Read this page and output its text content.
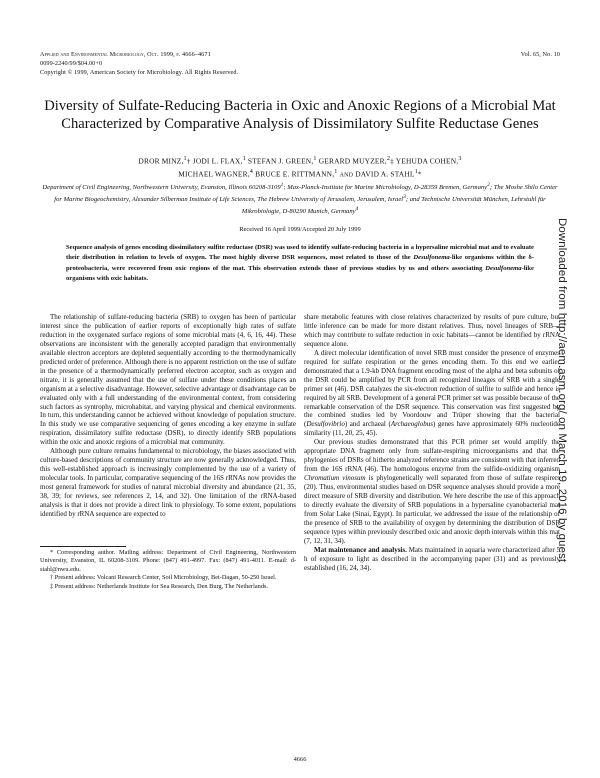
Applied and Environmental Microbiology, Oct. 1999, p. 4666–4671
0099-2240/99/$04.00+0
Copyright © 1999, American Society for Microbiology. All Rights Reserved.
Vol. 65, No. 10
Diversity of Sulfate-Reducing Bacteria in Oxic and Anoxic Regions of a Microbial Mat Characterized by Comparative Analysis of Dissimilatory Sulfite Reductase Genes
DROR MINZ,$^1$† JODI L. FLAX,$^1$ STEFAN J. GREEN,$^1$ GERARD MUYZER,$^2$‡ YEHUDA COHEN,$^3$
MICHAEL WAGNER,$^4$ BRUCE E. RITTMANN,$^1$ AND DAVID A. STAHL$^1$*
Department of Civil Engineering, Northwestern University, Evanston, Illinois 60208-3109$^1$; Max-Planck-Institute for Marine Microbiology, D-28359 Bremen, Germany$^2$; The Moshe Shilo Center for Marine Biogeochemistry, Alexander Silberman Institute of Life Sciences, The Hebrew University of Jerusalem, Jerusalem, Israel$^3$; and Technische Universität München, Lehrstuhl für Mikrobiologie, D-80290 Munich, Germany$^4$
Received 16 April 1999/Accepted 20 July 1999
Sequence analysis of genes encoding dissimilatory sulfite reductase (DSR) was used to identify sulfate-reducing bacteria in a hypersaline microbial mat and to evaluate their distribution in relation to levels of oxygen. The most highly diverse DSR sequences, most related to those of the Desulfonema-like organisms within the δ-proteobacteria, were recovered from oxic regions of the mat. This observation extends those of previous studies by us and others associating Desulfonema-like organisms with oxic habitats.

The relationship of sulfate-reducing bacteria (SRB) to oxygen has been of particular interest since the publication of earlier reports of exceptionally high rates of sulfate reduction in the oxygenated surface regions of some microbial mats (4, 6, 16, 44). These observations are inconsistent with the generally accepted paradigm that environmentally available electron acceptors are depleted sequentially according to the thermodynamically predicted order of preference. Although there is no apparent restriction on the use of sulfate in the presence of a thermodynamically preferred electron acceptor, such as oxygen and nitrate, it is generally assumed that the use of sulfate under these conditions places an organism at a selective disadvantage. However, selective advantage or disadvantage can be evaluated only with a full understanding of the environmental context, from considering such factors as syntrophy, microhabitat, and varying physical and chemical environments. In turn, this understanding cannot be achieved without knowledge of population structure. In this study we use comparative sequencing of genes encoding a key enzyme in sulfate respiration, dissimilatory sulfite reductase (DSR), to directly identify SRB populations within the oxic and anoxic regions of a microbial mat community.

Although pure culture remains fundamental to microbiology, the biases associated with culture-based descriptions of community structure are now generally acknowledged. Thus, this well-established approach is increasingly complemented by the use of a variety of molecular tools. In particular, comparative sequencing of the 16S rRNAs now provides the most general framework for studies of natural microbial diversity and abundance (21, 35, 38, 39; for reviews, see references 2, 14, and 32). One limitation of the rRNA-based analysis is that it does not provide a direct link to physiology. To some extent, populations identified by rRNA sequence are expected to

* Corresponding author. Mailing address: Department of Civil Engineering, Northwestern University, Evanston, IL 60208-3109. Phone: (847) 491-4997. Fax: (847) 491-4011. E-mail: d-stahl@nwu.edu.

† Present address: Volcani Research Center, Soil Microbiology, Bet-Dagan, 50-250 Israel.

‡ Present address: Netherlands Institute for Sea Research, Den Burg, The Netherlands.

share metabolic features with close relatives characterized by results of pure culture, but little inference can be made for more distant relatives. Thus, novel lineages of SRB—which may contribute to sulfate reduction in oxic habitats—cannot be identified by rRNA sequence alone.

A direct molecular identification of novel SRB must consider the presence of enzymes required for sulfate respiration or the genes encoding them. To this end we earlier demonstrated that a 1.9-kb DNA fragment encoding most of the alpha and beta subunits of the DSR could be amplified by PCR from all recognized lineages of SRB with a single primer set (46). DSR catalyzes the six-electron reduction of sulfite to sulfide and hence is required by all SRB. Development of a general PCR primer set was possible because of the remarkable conservation of the DSR sequence. This conservation was first suggested by the combined studies led by Voordouw and Trüper showing that the bacterial (Desulfovibrio) and archaeal (Archaeoglobus) genes have approximately 60% nucleotide similarity (11, 20, 25, 45).

Our previous studies demonstrated that this PCR primer set would amplify the appropriate DNA fragment only from sulfate-respiring microorganisms and that the phylogenies of DSRs of hitherto analyzed reference strains are consistent with that inferred from the 16S rRNA (46). The homologous enzyme from the sulfide-oxidizing organism Chromatium vinosum is phylogenetically well separated from those of sulfate respirers (20). Thus, environmental studies based on DSR sequence analyses should provide a more direct measure of SRB diversity and distribution. We here describe the use of this approach to directly evaluate the diversity of SRB populations in a hypersaline cyanobacterial mat from Solar Lake (Sinai, Egypt). In particular, we addressed the issue of the relationship of the presence of SRB to the availability of oxygen by determining the distribution of DSR sequence types within previously described oxic and anoxic depth intervals within this mat (7, 12, 31, 34).

Mat maintenance and analysis. Mats maintained in aquaria were characterized after 5 h of exposure to light as described in the accompanying paper (31) and as previously established (16, 24, 34).

4666
Downloaded from http://aem.asm.org/ on March 19, 2016 by guest
